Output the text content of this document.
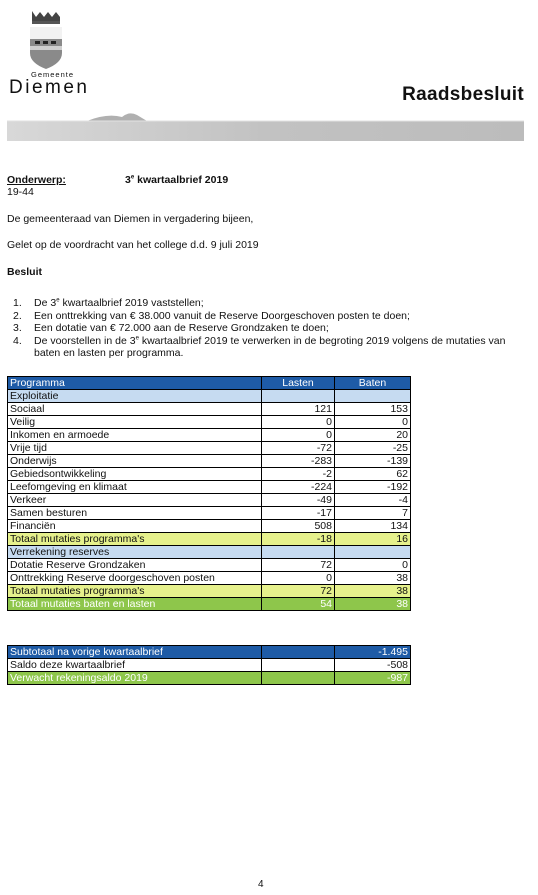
Gemeente
Diemen	Raadsbesluit
Onderwerp:	3e kwartaalbrief 2019
19-44
De gemeenteraad van Diemen in vergadering bijeen,
Gelet op de voordracht van het college d.d. 9 juli 2019
Besluit
1. De 3e kwartaalbrief 2019 vaststellen;
2. Een onttrekking van € 38.000 vanuit de Reserve Doorgeschoven posten te doen;
3. Een dotatie van € 72.000 aan de Reserve Grondzaken te doen;
4. De voorstellen in de 3e kwartaalbrief 2019 te verwerken in de begroting 2019 volgens de mutaties van baten en lasten per programma.
Programma	Lasten	Baten
Exploitatie		
Sociaal	121	153
Veilig	0	0
Inkomen en armoede	0	20
Vrije tijd	-72	-25
Onderwijs	-283	-139
Gebiedsontwikkeling	-2	62
Leefomgeving en klimaat	-224	-192
Verkeer	-49	-4
Samen besturen	-17	7
Financiën	508	134
Totaal mutaties programma's	-18	16
Verrekening reserves		
Dotatie Reserve Grondzaken	72	0
Onttrekking Reserve doorgeschoven posten	0	38
Totaal mutaties programma's	72	38
Totaal mutaties baten en lasten	54	38
Subtotaal na vorige kwartaalbrief		-1.495
Saldo deze kwartaalbrief		-508
Verwacht rekeningsaldo 2019		-987
4
